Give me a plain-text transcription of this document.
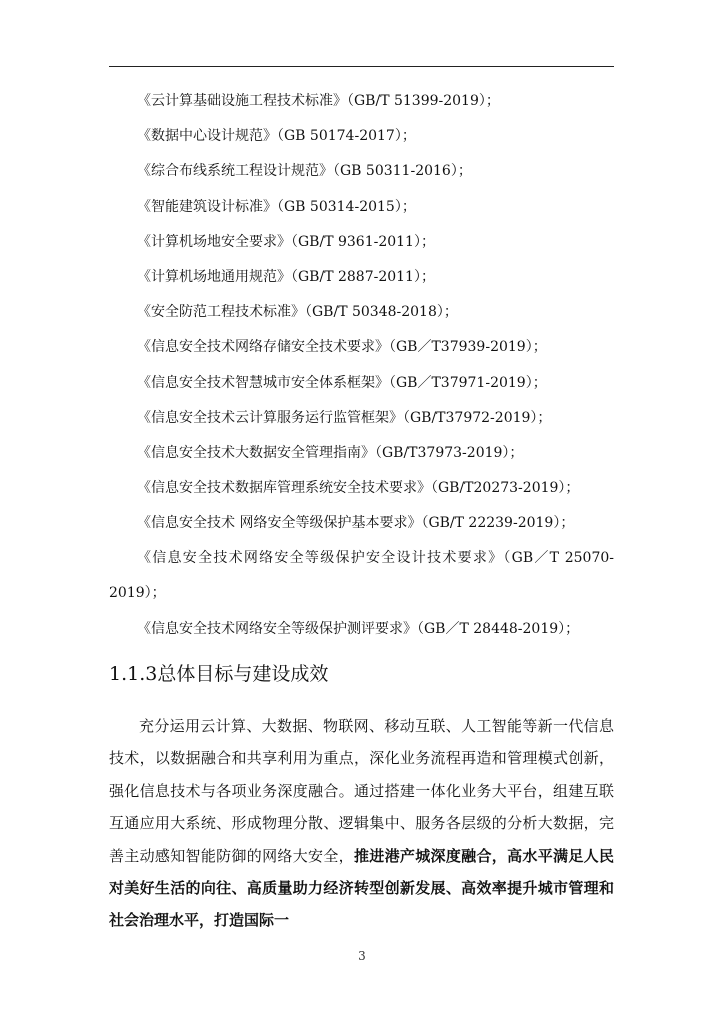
《云计算基础设施工程技术标准》（GB/T 51399-2019）；
《数据中心设计规范》（GB 50174-2017）；
《综合布线系统工程设计规范》（GB 50311-2016）；
《智能建筑设计标准》（GB 50314-2015）；
《计算机场地安全要求》（GB/T 9361-2011）；
《计算机场地通用规范》（GB/T 2887-2011）；
《安全防范工程技术标准》（GB/T 50348-2018）；
《信息安全技术网络存储安全技术要求》（GB／T37939-2019）；
《信息安全技术智慧城市安全体系框架》（GB／T37971-2019）；
《信息安全技术云计算服务运行监管框架》（GB/T37972-2019）；
《信息安全技术大数据安全管理指南》（GB/T37973-2019）；
《信息安全技术数据库管理系统安全技术要求》（GB/T20273-2019）；
《信息安全技术 网络安全等级保护基本要求》（GB/T 22239-2019）；
《信息安全技术网络安全等级保护安全设计技术要求》（GB／T 25070-2019）；
《信息安全技术网络安全等级保护测评要求》（GB／T 28448-2019）；
1.1.3总体目标与建设成效

充分运用云计算、大数据、物联网、移动互联、人工智能等新一代信息技术，以数据融合和共享利用为重点，深化业务流程再造和管理模式创新，强化信息技术与各项业务深度融合。通过搭建一体化业务大平台，组建互联互通应用大系统、形成物理分散、逻辑集中、服务各层级的分析大数据，完善主动感知智能防御的网络大安全，推进港产城深度融合，高水平满足人民对美好生活的向往、高质量助力经济转型创新发展、高效率提升城市管理和社会治理水平，打造国际一

3
